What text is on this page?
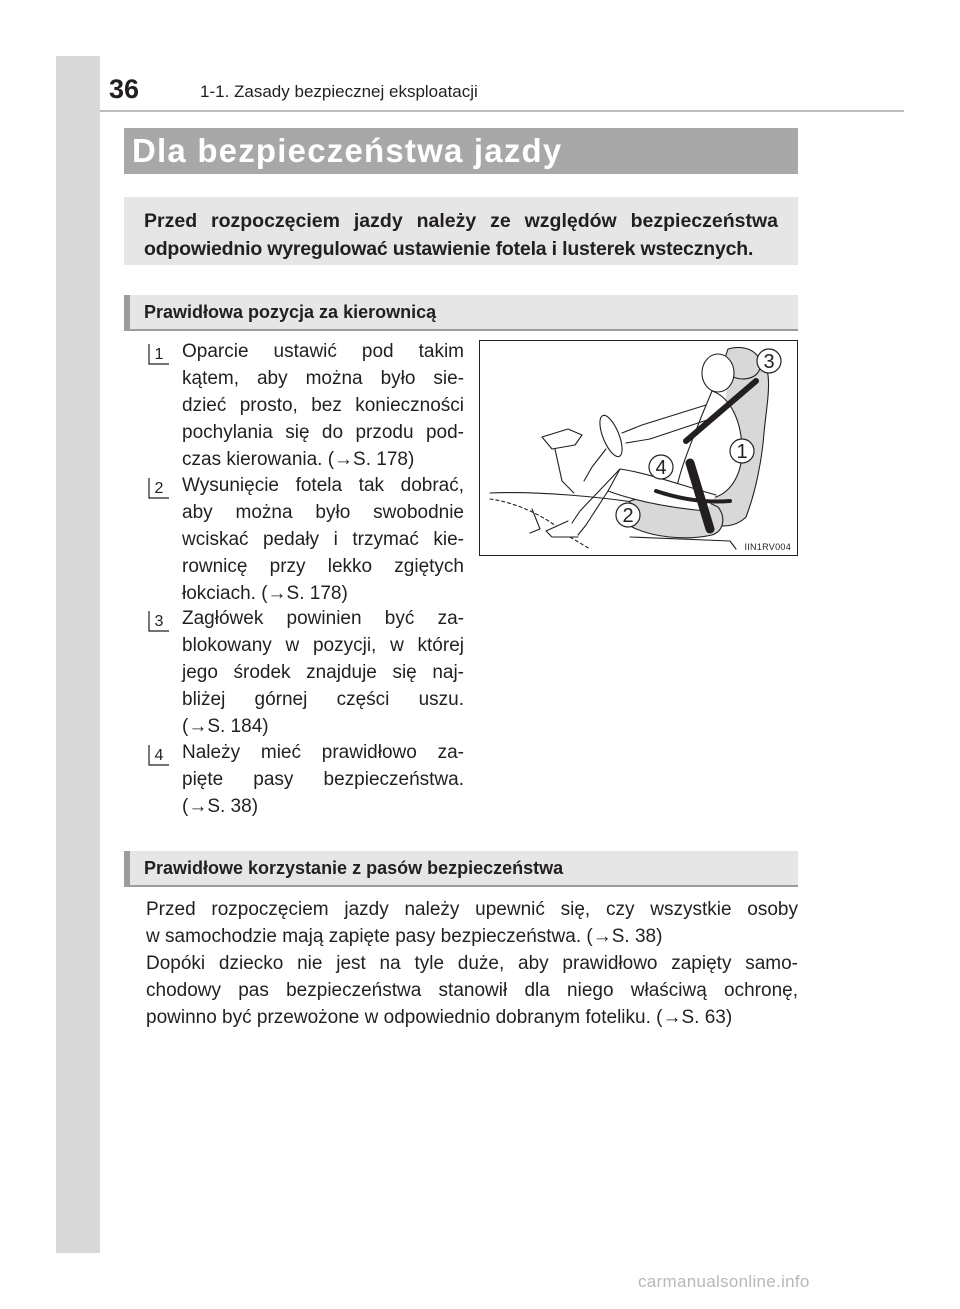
36	1-1. Zasady bezpiecznej eksploatacji
Dla bezpieczeństwa jazdy
Przed rozpoczęciem jazdy należy ze względów bezpieczeństwa
odpowiednio wyregulować ustawienie fotela i lusterek wstecznych.
Prawidłowa pozycja za kierownicą
1 Oparcie ustawić pod takim
kątem, aby można było sie-
dzieć prosto, bez konieczności
pochylania się do przodu pod-
czas kierowania. (→S. 178)
2 Wysunięcie fotela tak dobrać,
aby można było swobodnie
wciskać pedały i trzymać kie-
rownicę przy lekko zgiętych
łokciach. (→S. 178)
3 Zagłówek powinien być za-
blokowany w pozycji, w której
jego środek znajduje się naj-
bliżej górnej części uszu.
(→S. 184)
4 Należy mieć prawidłowo za-
pięte pasy bezpieczeństwa.
(→S. 38)
3
1
4
2
IIN1RV004
Prawidłowe korzystanie z pasów bezpieczeństwa
Przed rozpoczęciem jazdy należy upewnić się, czy wszystkie osoby
w samochodzie mają zapięte pasy bezpieczeństwa. (→S. 38)
Dopóki dziecko nie jest na tyle duże, aby prawidłowo zapięty samo-
chodowy pas bezpieczeństwa stanowił dla niego właściwą ochronę,
powinno być przewożone w odpowiednio dobranym foteliku. (→S. 63)
carmanualsonline.info
